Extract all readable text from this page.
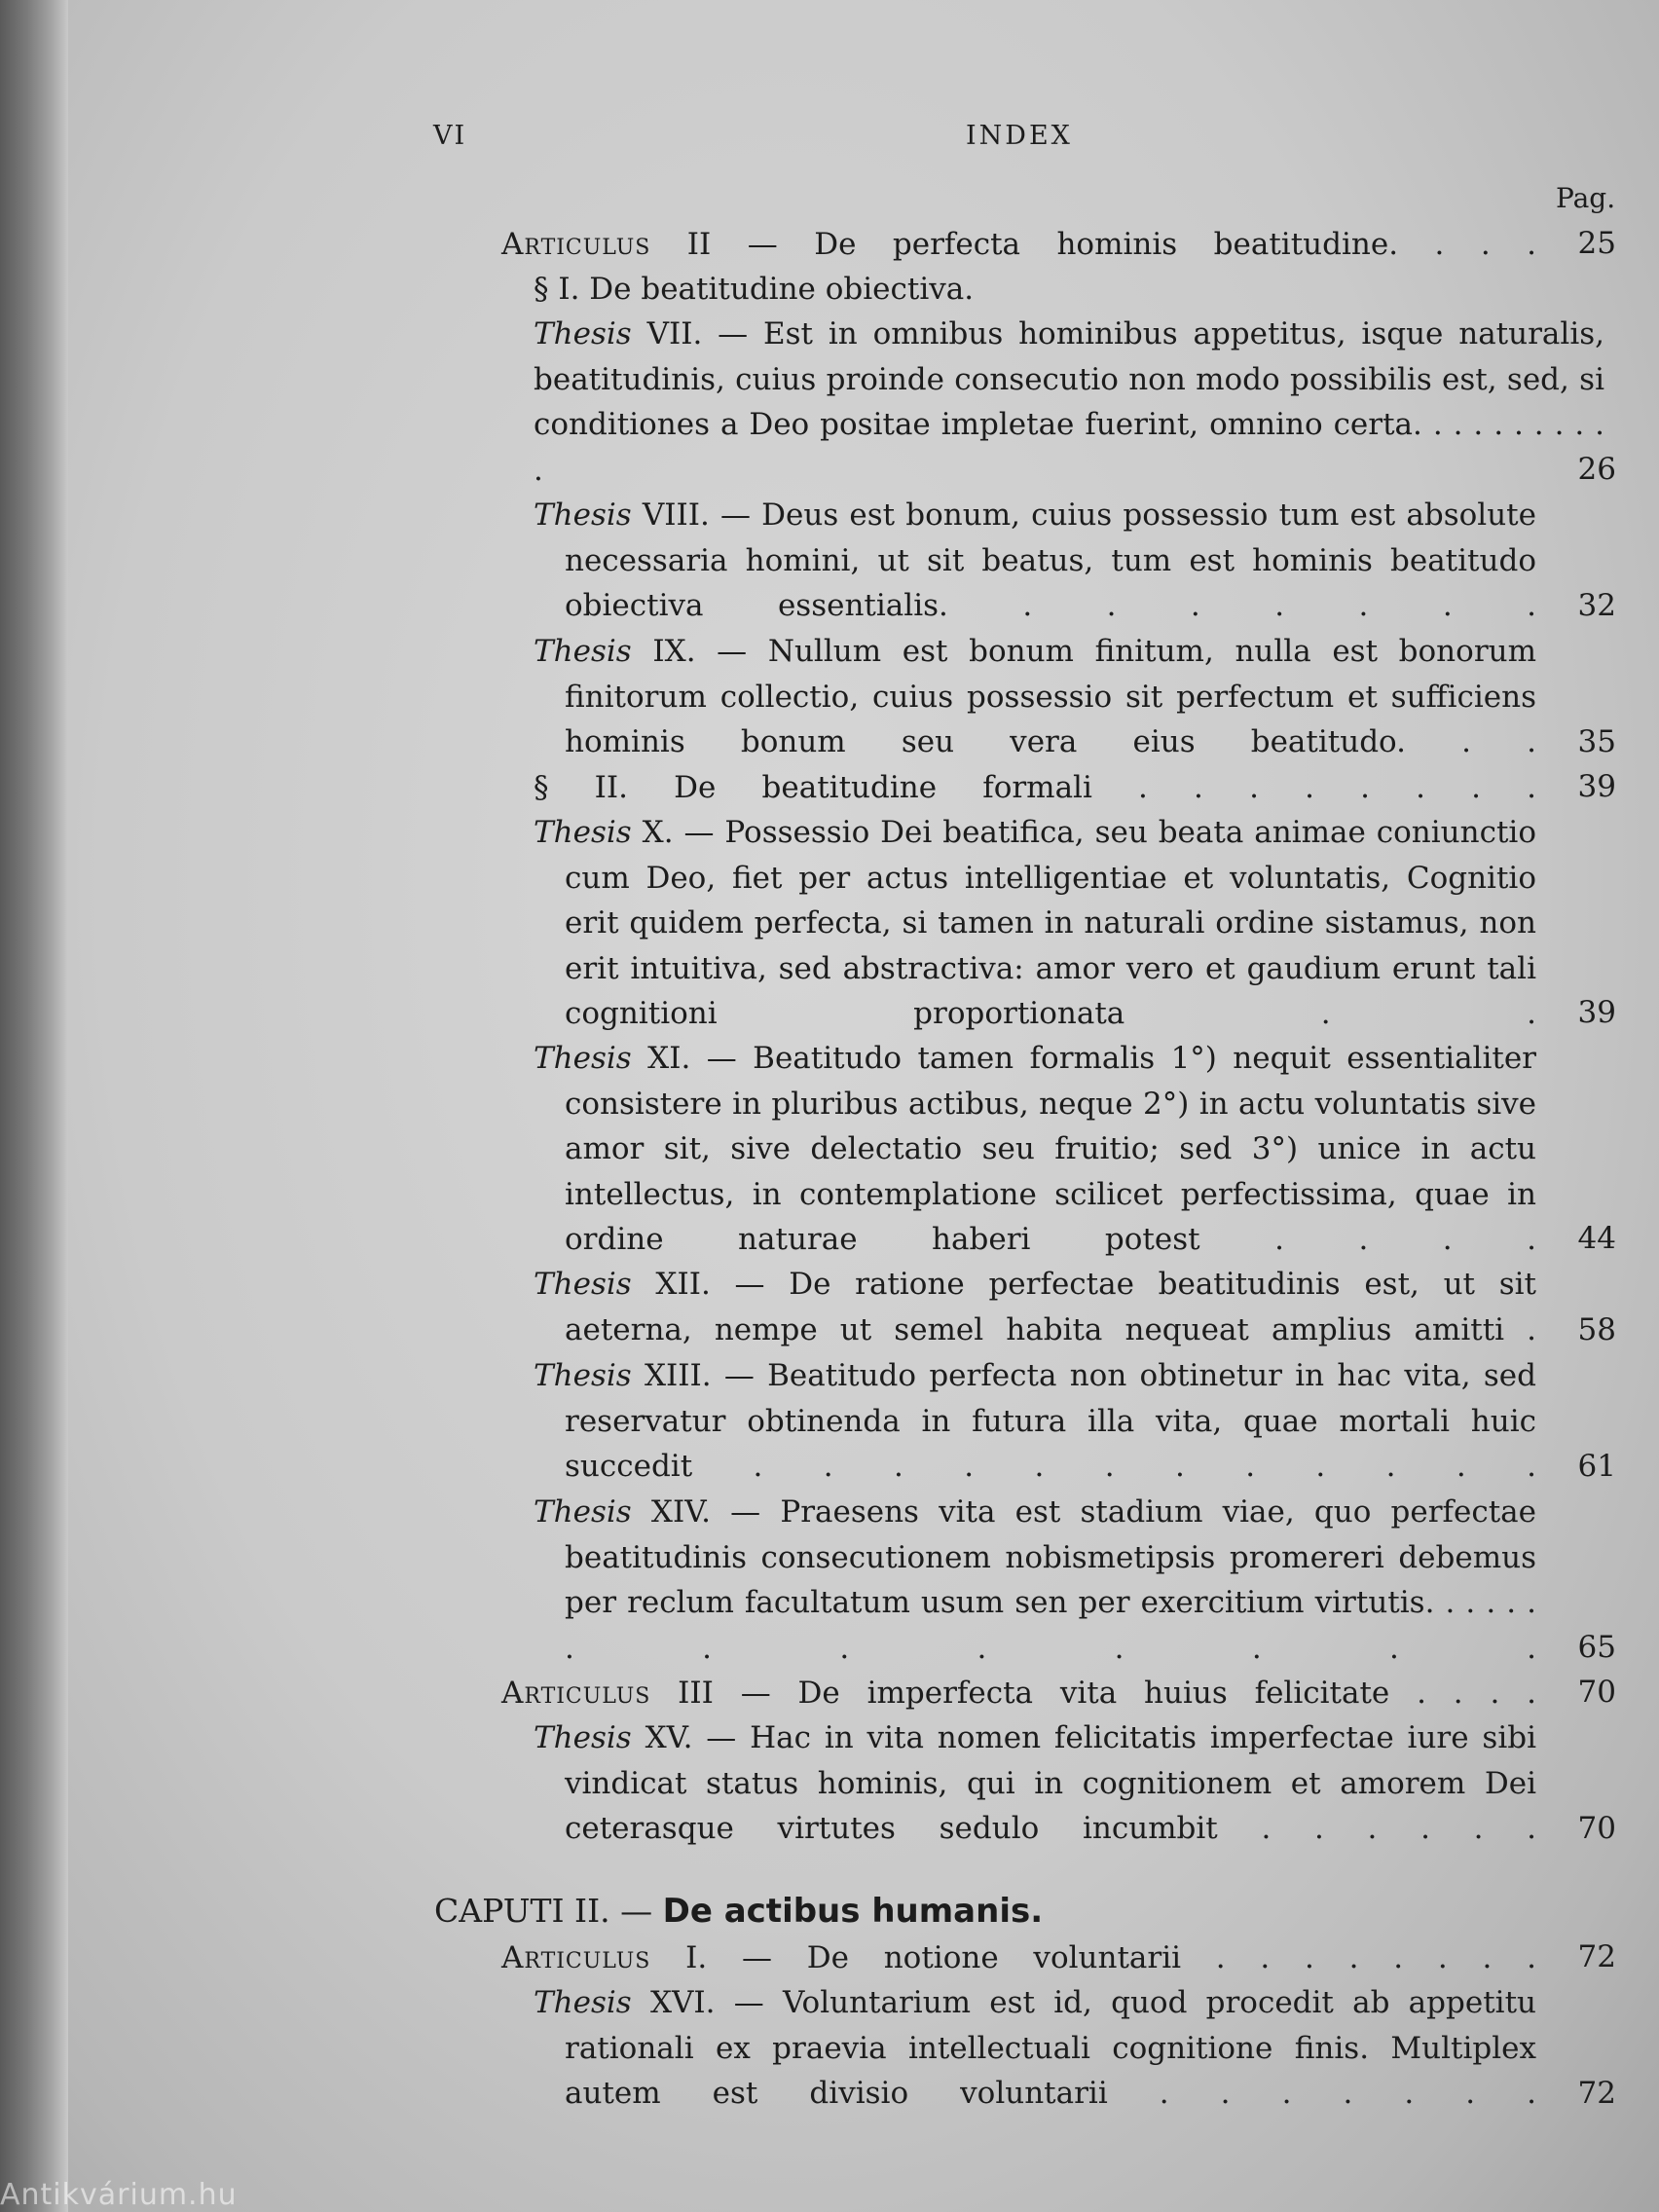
VI	INDEX
Pag.
Articulus II — De perfecta hominis beatitudine. . . .	25
§ I. De beatitudine obiectiva.
Thesis VII. — Est in omnibus hominibus appetitus, isque naturalis, beatitudinis, cuius proinde consecutio non modo possibilis est, sed, si conditiones a Deo positae impletae fuerint, omnino certa. . . . . . . . . . .	26
Thesis VIII. — Deus est bonum, cuius possessio tum est absolute necessaria homini, ut sit beatus, tum est hominis beatitudo obiectiva essentialis. . . . . . . .	32
Thesis IX. — Nullum est bonum finitum, nulla est bonorum finitorum collectio, cuius possessio sit perfectum et sufficiens hominis bonum seu vera eius beatitudo. . .	35
§ II. De beatitudine formali . . . . . . . .	39
Thesis X. — Possessio Dei beatifica, seu beata animae coniunctio cum Deo, fiet per actus intelligentiae et voluntatis, Cognitio erit quidem perfecta, si tamen in naturali ordine sistamus, non erit intuitiva, sed abstractiva: amor vero et gaudium erunt tali cognitioni proportionata . .	39
Thesis XI. — Beatitudo tamen formalis 1°) nequit essentialiter consistere in pluribus actibus, neque 2°) in actu voluntatis sive amor sit, sive delectatio seu fruitio; sed 3°) unice in actu intellectus, in contemplatione scilicet perfectissima, quae in ordine naturae haberi potest . . . .	44
Thesis XII. — De ratione perfectae beatitudinis est, ut sit aeterna, nempe ut semel habita nequeat amplius amitti .	58
Thesis XIII. — Beatitudo perfecta non obtinetur in hac vita, sed reservatur obtinenda in futura illa vita, quae mortali huic succedit . . . . . . . . . . . .	61
Thesis XIV. — Praesens vita est stadium viae, quo perfectae beatitudinis consecutionem nobismetipsis promereri debemus per reclum facultatum usum sen per exercitium virtutis. . . . . . . . . . . . . .	65
Articulus III — De imperfecta vita huius felicitate . . . .	70
Thesis XV. — Hac in vita nomen felicitatis imperfectae iure sibi vindicat status hominis, qui in cognitionem et amorem Dei ceterasque virtutes sedulo incumbit . . . . . .	70
CAPUTI II. — De actibus humanis.
Articulus I. — De notione voluntarii . . . . . . . .	72
Thesis XVI. — Voluntarium est id, quod procedit ab appetitu rationali ex praevia intellectuali cognitione finis. Multiplex autem est divisio voluntarii . . . . . . .	72
Antikvárium.hu
